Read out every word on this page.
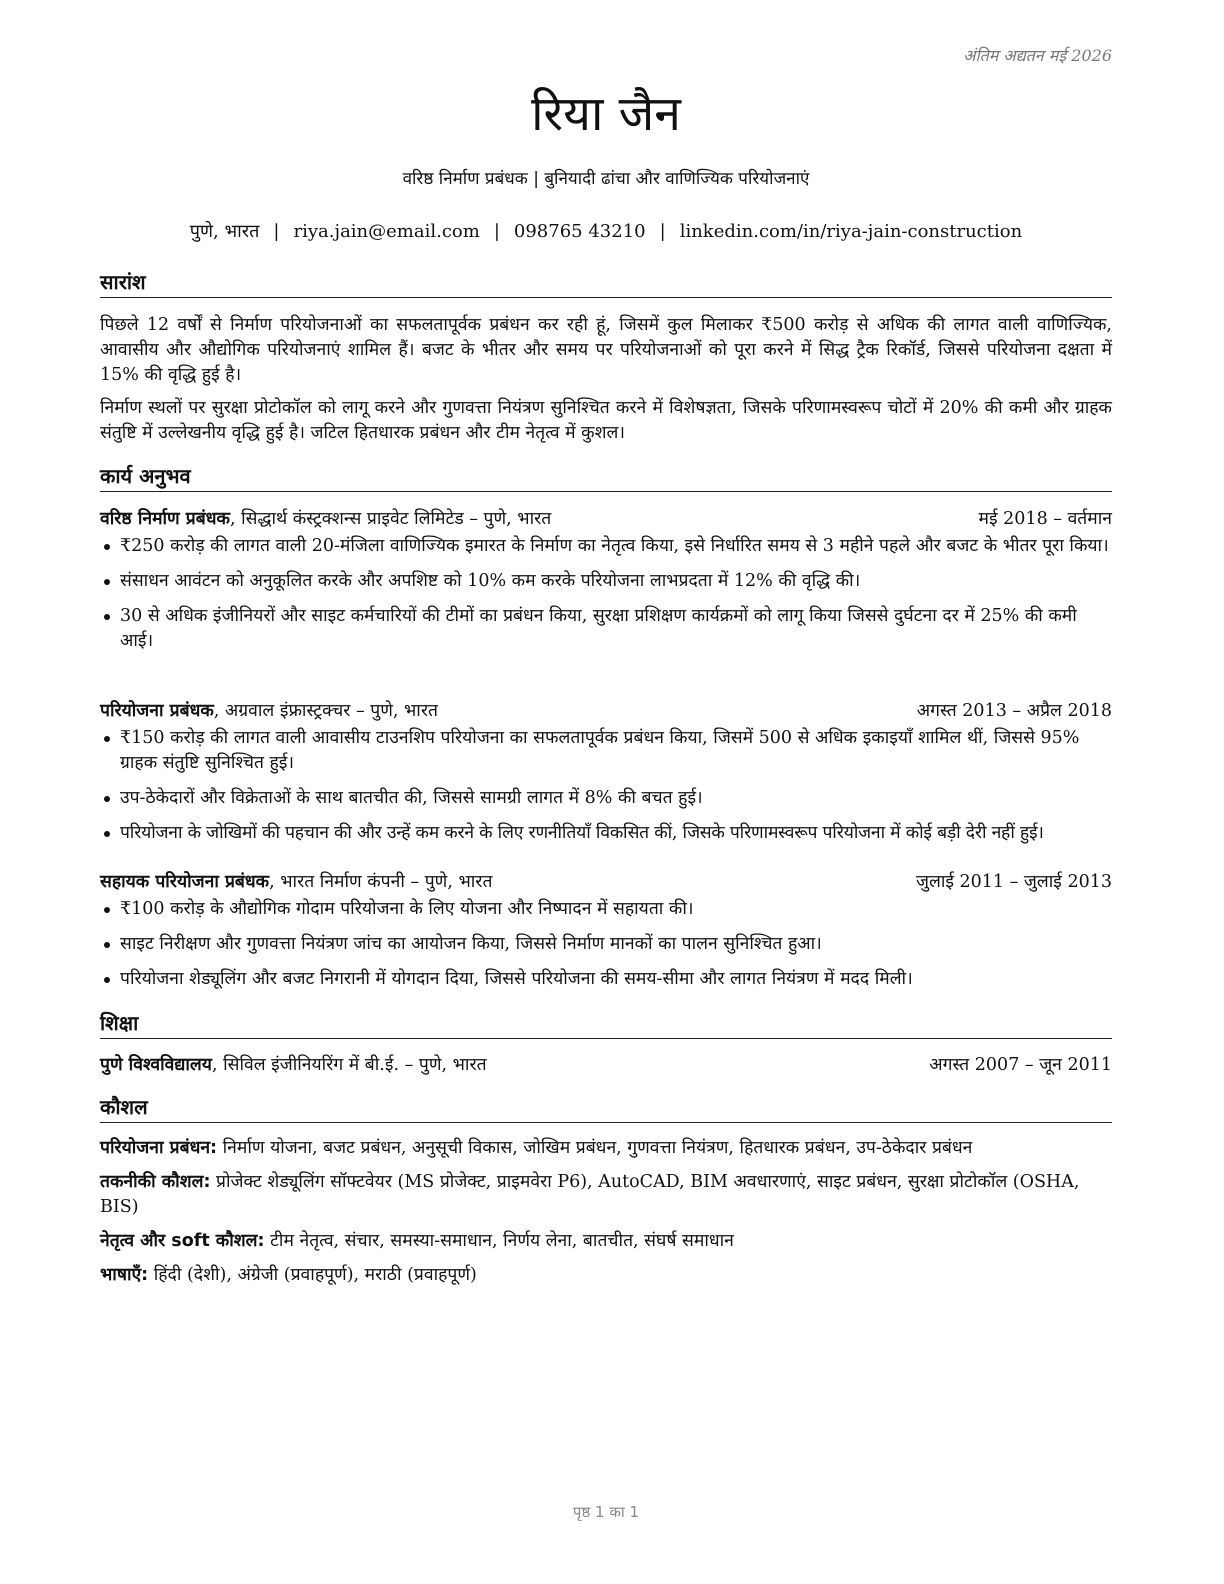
अंतिम अद्यतन मई 2026
रिया जैन
वरिष्ठ निर्माण प्रबंधक | बुनियादी ढांचा और वाणिज्यिक परियोजनाएं
पुणे, भारत | riya.jain@email.com | 098765 43210 | linkedin.com/in/riya-jain-construction
सारांश

पिछले 12 वर्षों से निर्माण परियोजनाओं का सफलतापूर्वक प्रबंधन कर रही हूं, जिसमें कुल मिलाकर ₹500 करोड़ से अधिक की लागत वाली वाणिज्यिक, आवासीय और औद्योगिक परियोजनाएं शामिल हैं। बजट के भीतर और समय पर परियोजनाओं को पूरा करने में सिद्ध ट्रैक रिकॉर्ड, जिससे परियोजना दक्षता में 15% की वृद्धि हुई है।

निर्माण स्थलों पर सुरक्षा प्रोटोकॉल को लागू करने और गुणवत्ता नियंत्रण सुनिश्चित करने में विशेषज्ञता, जिसके परिणामस्वरूप चोटों में 20% की कमी और ग्राहक संतुष्टि में उल्लेखनीय वृद्धि हुई है। जटिल हितधारक प्रबंधन और टीम नेतृत्व में कुशल।

कार्य अनुभव
वरिष्ठ निर्माण प्रबंधक, सिद्धार्थ कंस्ट्रक्शन्स प्राइवेट लिमिटेड – पुणे, भारत	मई 2018 – वर्तमान
₹250 करोड़ की लागत वाली 20-मंजिला वाणिज्यिक इमारत के निर्माण का नेतृत्व किया, इसे निर्धारित समय से 3 महीने पहले और बजट के भीतर पूरा किया।
संसाधन आवंटन को अनुकूलित करके और अपशिष्ट को 10% कम करके परियोजना लाभप्रदता में 12% की वृद्धि की।
30 से अधिक इंजीनियरों और साइट कर्मचारियों की टीमों का प्रबंधन किया, सुरक्षा प्रशिक्षण कार्यक्रमों को लागू किया जिससे दुर्घटना दर में 25% की कमी आई।
परियोजना प्रबंधक, अग्रवाल इंफ्रास्ट्रक्चर – पुणे, भारत	अगस्त 2013 – अप्रैल 2018
₹150 करोड़ की लागत वाली आवासीय टाउनशिप परियोजना का सफलतापूर्वक प्रबंधन किया, जिसमें 500 से अधिक इकाइयाँ शामिल थीं, जिससे 95% ग्राहक संतुष्टि सुनिश्चित हुई।
उप-ठेकेदारों और विक्रेताओं के साथ बातचीत की, जिससे सामग्री लागत में 8% की बचत हुई।
परियोजना के जोखिमों की पहचान की और उन्हें कम करने के लिए रणनीतियाँ विकसित कीं, जिसके परिणामस्वरूप परियोजना में कोई बड़ी देरी नहीं हुई।
सहायक परियोजना प्रबंधक, भारत निर्माण कंपनी – पुणे, भारत	जुलाई 2011 – जुलाई 2013
₹100 करोड़ के औद्योगिक गोदाम परियोजना के लिए योजना और निष्पादन में सहायता की।
साइट निरीक्षण और गुणवत्ता नियंत्रण जांच का आयोजन किया, जिससे निर्माण मानकों का पालन सुनिश्चित हुआ।
परियोजना शेड्यूलिंग और बजट निगरानी में योगदान दिया, जिससे परियोजना की समय-सीमा और लागत नियंत्रण में मदद मिली।
शिक्षा
पुणे विश्वविद्यालय, सिविल इंजीनियरिंग में बी.ई. – पुणे, भारत	अगस्त 2007 – जून 2011
कौशल
परियोजना प्रबंधन: निर्माण योजना, बजट प्रबंधन, अनुसूची विकास, जोखिम प्रबंधन, गुणवत्ता नियंत्रण, हितधारक प्रबंधन, उप-ठेकेदार प्रबंधन
तकनीकी कौशल: प्रोजेक्ट शेड्यूलिंग सॉफ्टवेयर (MS प्रोजेक्ट, प्राइमवेरा P6), AutoCAD, BIM अवधारणाएं, साइट प्रबंधन, सुरक्षा प्रोटोकॉल (OSHA, BIS)
नेतृत्व और soft कौशल: टीम नेतृत्व, संचार, समस्या-समाधान, निर्णय लेना, बातचीत, संघर्ष समाधान
भाषाएँ: हिंदी (देशी), अंग्रेजी (प्रवाहपूर्ण), मराठी (प्रवाहपूर्ण)
पृष्ठ 1 का 1
